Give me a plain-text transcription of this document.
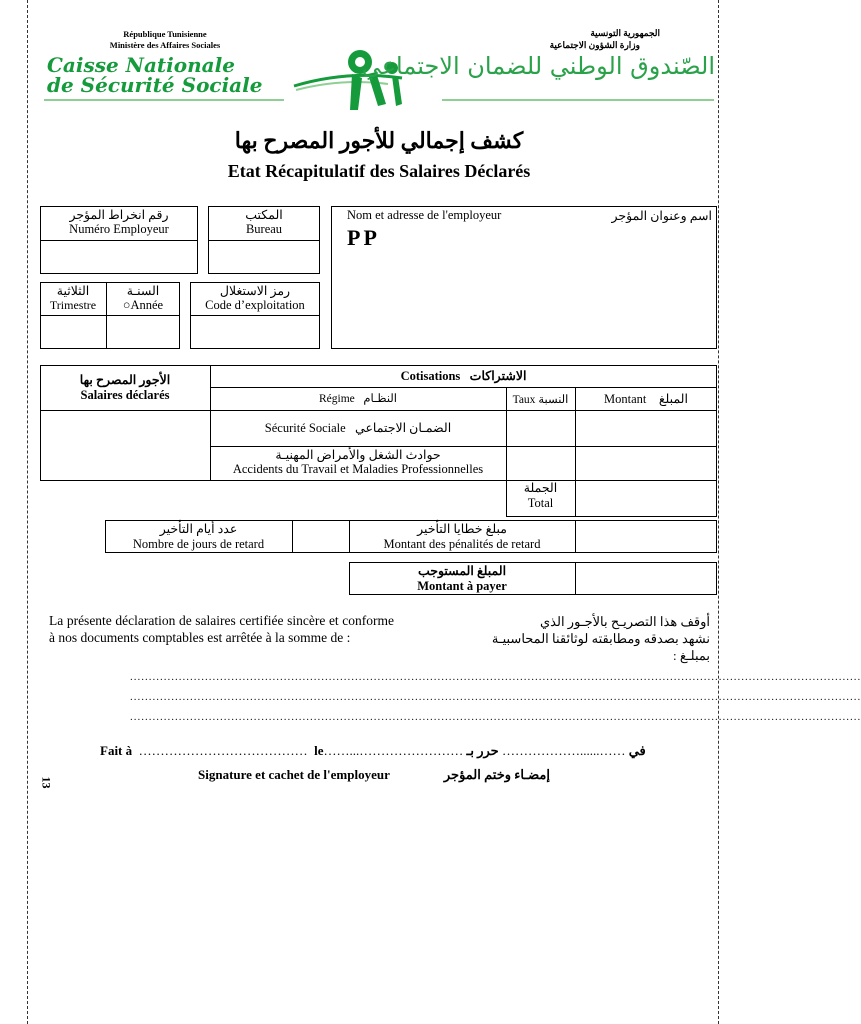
République Tunisienne
Ministère des Affaires Sociales
الجمهورية التونسية
وزارة الشؤون الاجتماعية
Caisse Nationale
de Sécurité Sociale
الصّندوق الوطني للضمان الاجتماعي
كشف إجمالي للأجور المصرح بها
Etat Récapitulatif des Salaires Déclarés
رقم انخراط المؤجر
Numéro Employeur
المكتب
Bureau
Nom et adresse de l'employeur	اسم وعنوان المؤجر
PP
الثلاثية
Trimestre
السنـة
○Année
رمز الاستغلال
Code d’exploitation
الأجور المصرح بها
Salaires déclarés
Cotisations الاشتراكات
Régime النظـام	Taux النسبة	Montant المبلغ
Sécurité Sociale الضمـان الاجتماعي
حوادث الشغل والأمراض المهنيـة
Accidents du Travail et Maladies Professionnelles
الجملة
Total
عدد أيام التأخير
Nombre de jours de retard
مبلغ خطايا التأخير
Montant des pénalités de retard
المبلغ المستوجب
Montant à payer
La présente déclaration de salaires certifiée sincère et conforme à nos documents comptables est arrêtée à la somme de :
أوقف هذا التصريـح بالأجـور الذي
نشهد بصدقه ومطابقته لوثائقنا المحاسبيـة
بمبلـغ :
...................................................................................................................................................................................................
...................................................................................................................................................................................................
...................................................................................................................................................................................................
Fait à ………………………………… le……...……………………	في ……......……………… حرر بـ
Signature et cachet de l'employeur	إمضـاء وختم المؤجر
13
